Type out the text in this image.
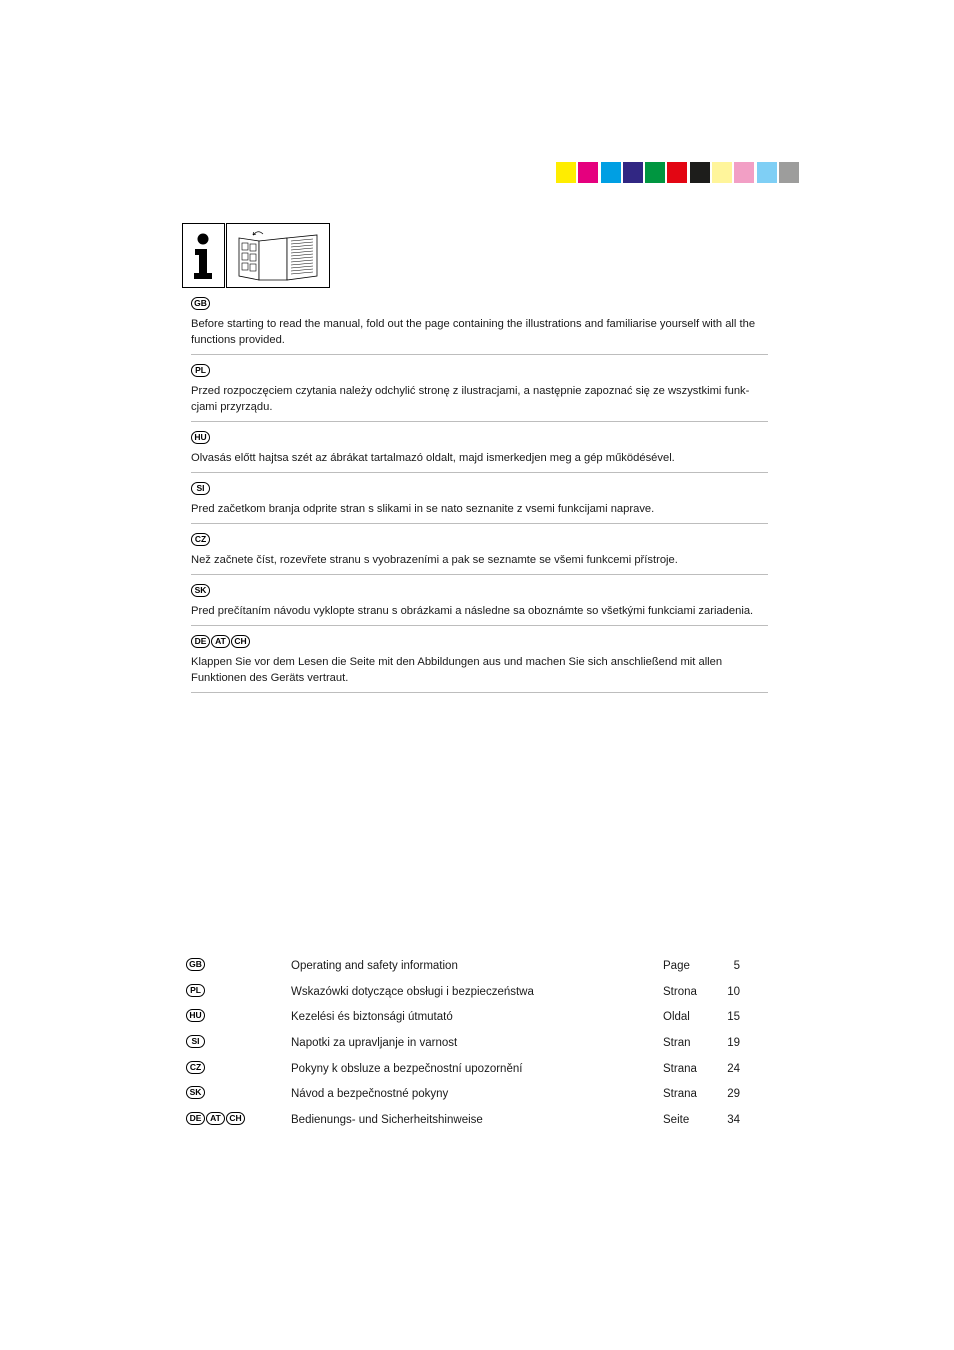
GB

Before starting to read the manual, fold out the page containing the illustrations and familiarise yourself with all the functions provided.

PL

Przed rozpoczęciem czytania należy odchylić stronę z ilustracjami, a następnie zapoznać się ze wszystkimi funk- cjami przyrządu.

HU

Olvasás előtt hajtsa szét az ábrákat tartalmazó oldalt, majd ismerkedjen meg a gép működésével.

SI

Pred začetkom branja odprite stran s slikami in se nato seznanite z vsemi funkcijami naprave.

CZ

Než začnete číst, rozevřete stranu s vyobrazeními a pak se seznamte se všemi funkcemi přístroje.

SK

Pred prečítaním návodu vyklopte stranu s obrázkami a následne sa oboznámte so všetkými funkciami zariadenia.

DE	AT	CH

Klappen Sie vor dem Lesen die Seite mit den Abbildungen aus und machen Sie sich anschließend mit allen Funktionen des Geräts vertraut.

GB	Operating and safety information	Page	5
PL	Wskazówki dotyczące obsługi i bezpieczeństwa	Strona	10
HU	Kezelési és biztonsági útmutató	Oldal	15
SI	Napotki za upravljanje in varnost	Stran	19
CZ	Pokyny k obsluze a bezpečnostní upozornění	Strana	24
SK	Návod a bezpečnostné pokyny	Strana	29
DE	AT	CH	Bedienungs- und Sicherheitshinweise	Seite	34
